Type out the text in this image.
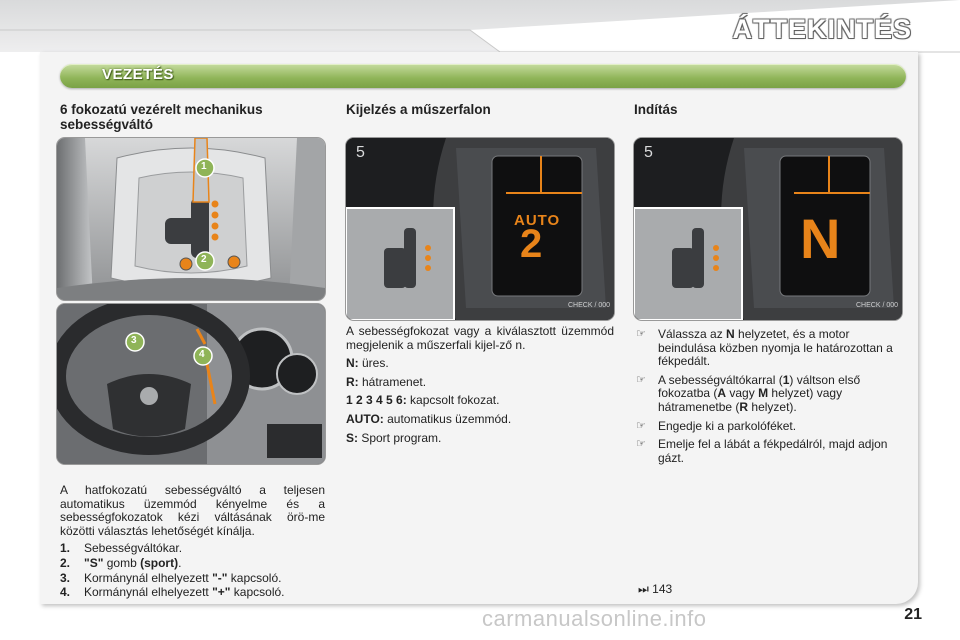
ÁTTEKINTÉS
VEZETÉS
6 fokozatú vezérelt mechanikus sebességváltó
1
2
3
4

A hatfokozatú sebességváltó a teljesen automatikus üzemmód kényelme és a sebességfokozatok kézi váltásának örö-me közötti választás lehetőségét kínálja.

1.	Sebességváltókar.
2.	"S" gomb (sport).
3.	Kormánynál elhelyezett "-" kapcsoló.
4.	Kormánynál elhelyezett "+" kapcsoló.
Kijelzés a műszerfalon
5
AUTO
2
CHECK / 000

A sebességfokozat vagy a kiválasztott üzemmód megjelenik a műszerfali kijel-ző n.

N: üres.
R: hátramenet.
1 2 3 4 5 6: kapcsolt fokozat.
AUTO: automatikus üzemmód.
S: Sport program.
Indítás
5
N
CHECK / 000
☞	Válassza az N helyzetet, és a motor beindulása közben nyomja le határozottan a fékpedált.
☞	A sebességváltókarral (1) váltson első fokozatba (A vagy M helyzet) vagy hátramenetbe (R helyzet).
☞	Engedje ki a parkolóféket.
☞	Emelje fel a lábát a fékpedálról, majd adjon gázt.
⏭ 143
carmanualsonline.info	21
